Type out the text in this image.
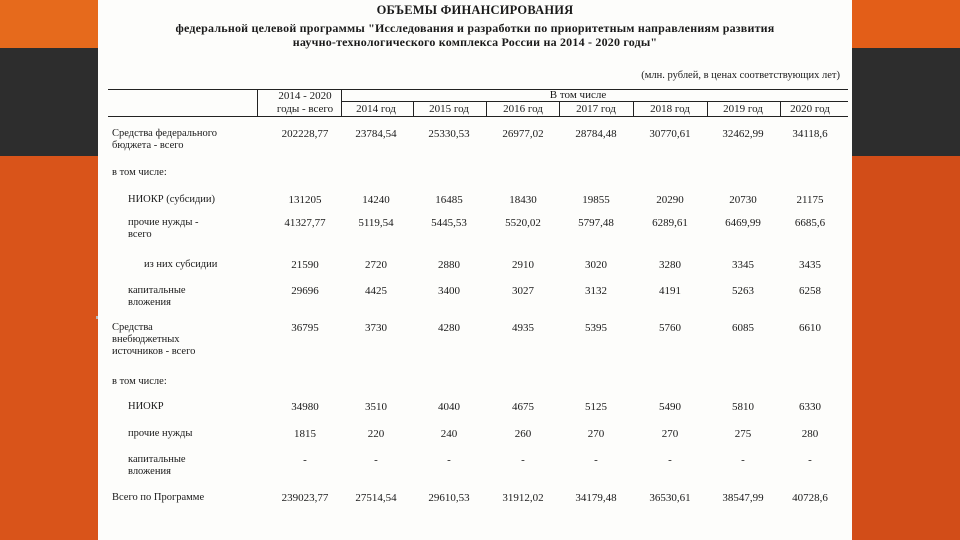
ОБЪЕМЫ ФИНАНСИРОВАНИЯ
федеральной целевой программы "Исследования и разработки по приоритетным направлениям развития
научно-технологического комплекса России на 2014 - 2020 годы"
(млн. рублей, в ценах соответствующих лет)
2014 - 2020
годы - всего
В том числе
2014 год	2015 год	2016 год	2017 год	2018 год	2019 год	2020 год
Средства федерального
бюджета - всего
202228,77	23784,54	25330,53	26977,02	28784,48	30770,61	32462,99	34118,6
в том числе:
НИОКР (субсидии)	131205	14240	16485	18430	19855	20290	20730	21175
прочие нужды -
всего
41327,77	5119,54	5445,53	5520,02	5797,48	6289,61	6469,99	6685,6
из них субсидии	21590	2720	2880	2910	3020	3280	3345	3435
капитальные
вложения
29696	4425	3400	3027	3132	4191	5263	6258
Средства
внебюджетных
источников - всего
36795	3730	4280	4935	5395	5760	6085	6610
в том числе:
НИОКР	34980	3510	4040	4675	5125	5490	5810	6330
прочие нужды	1815	220	240	260	270	270	275	280
капитальные
вложения
-	-	-	-	-	-	-	-
Всего по Программе	239023,77	27514,54	29610,53	31912,02	34179,48	36530,61	38547,99	40728,6
